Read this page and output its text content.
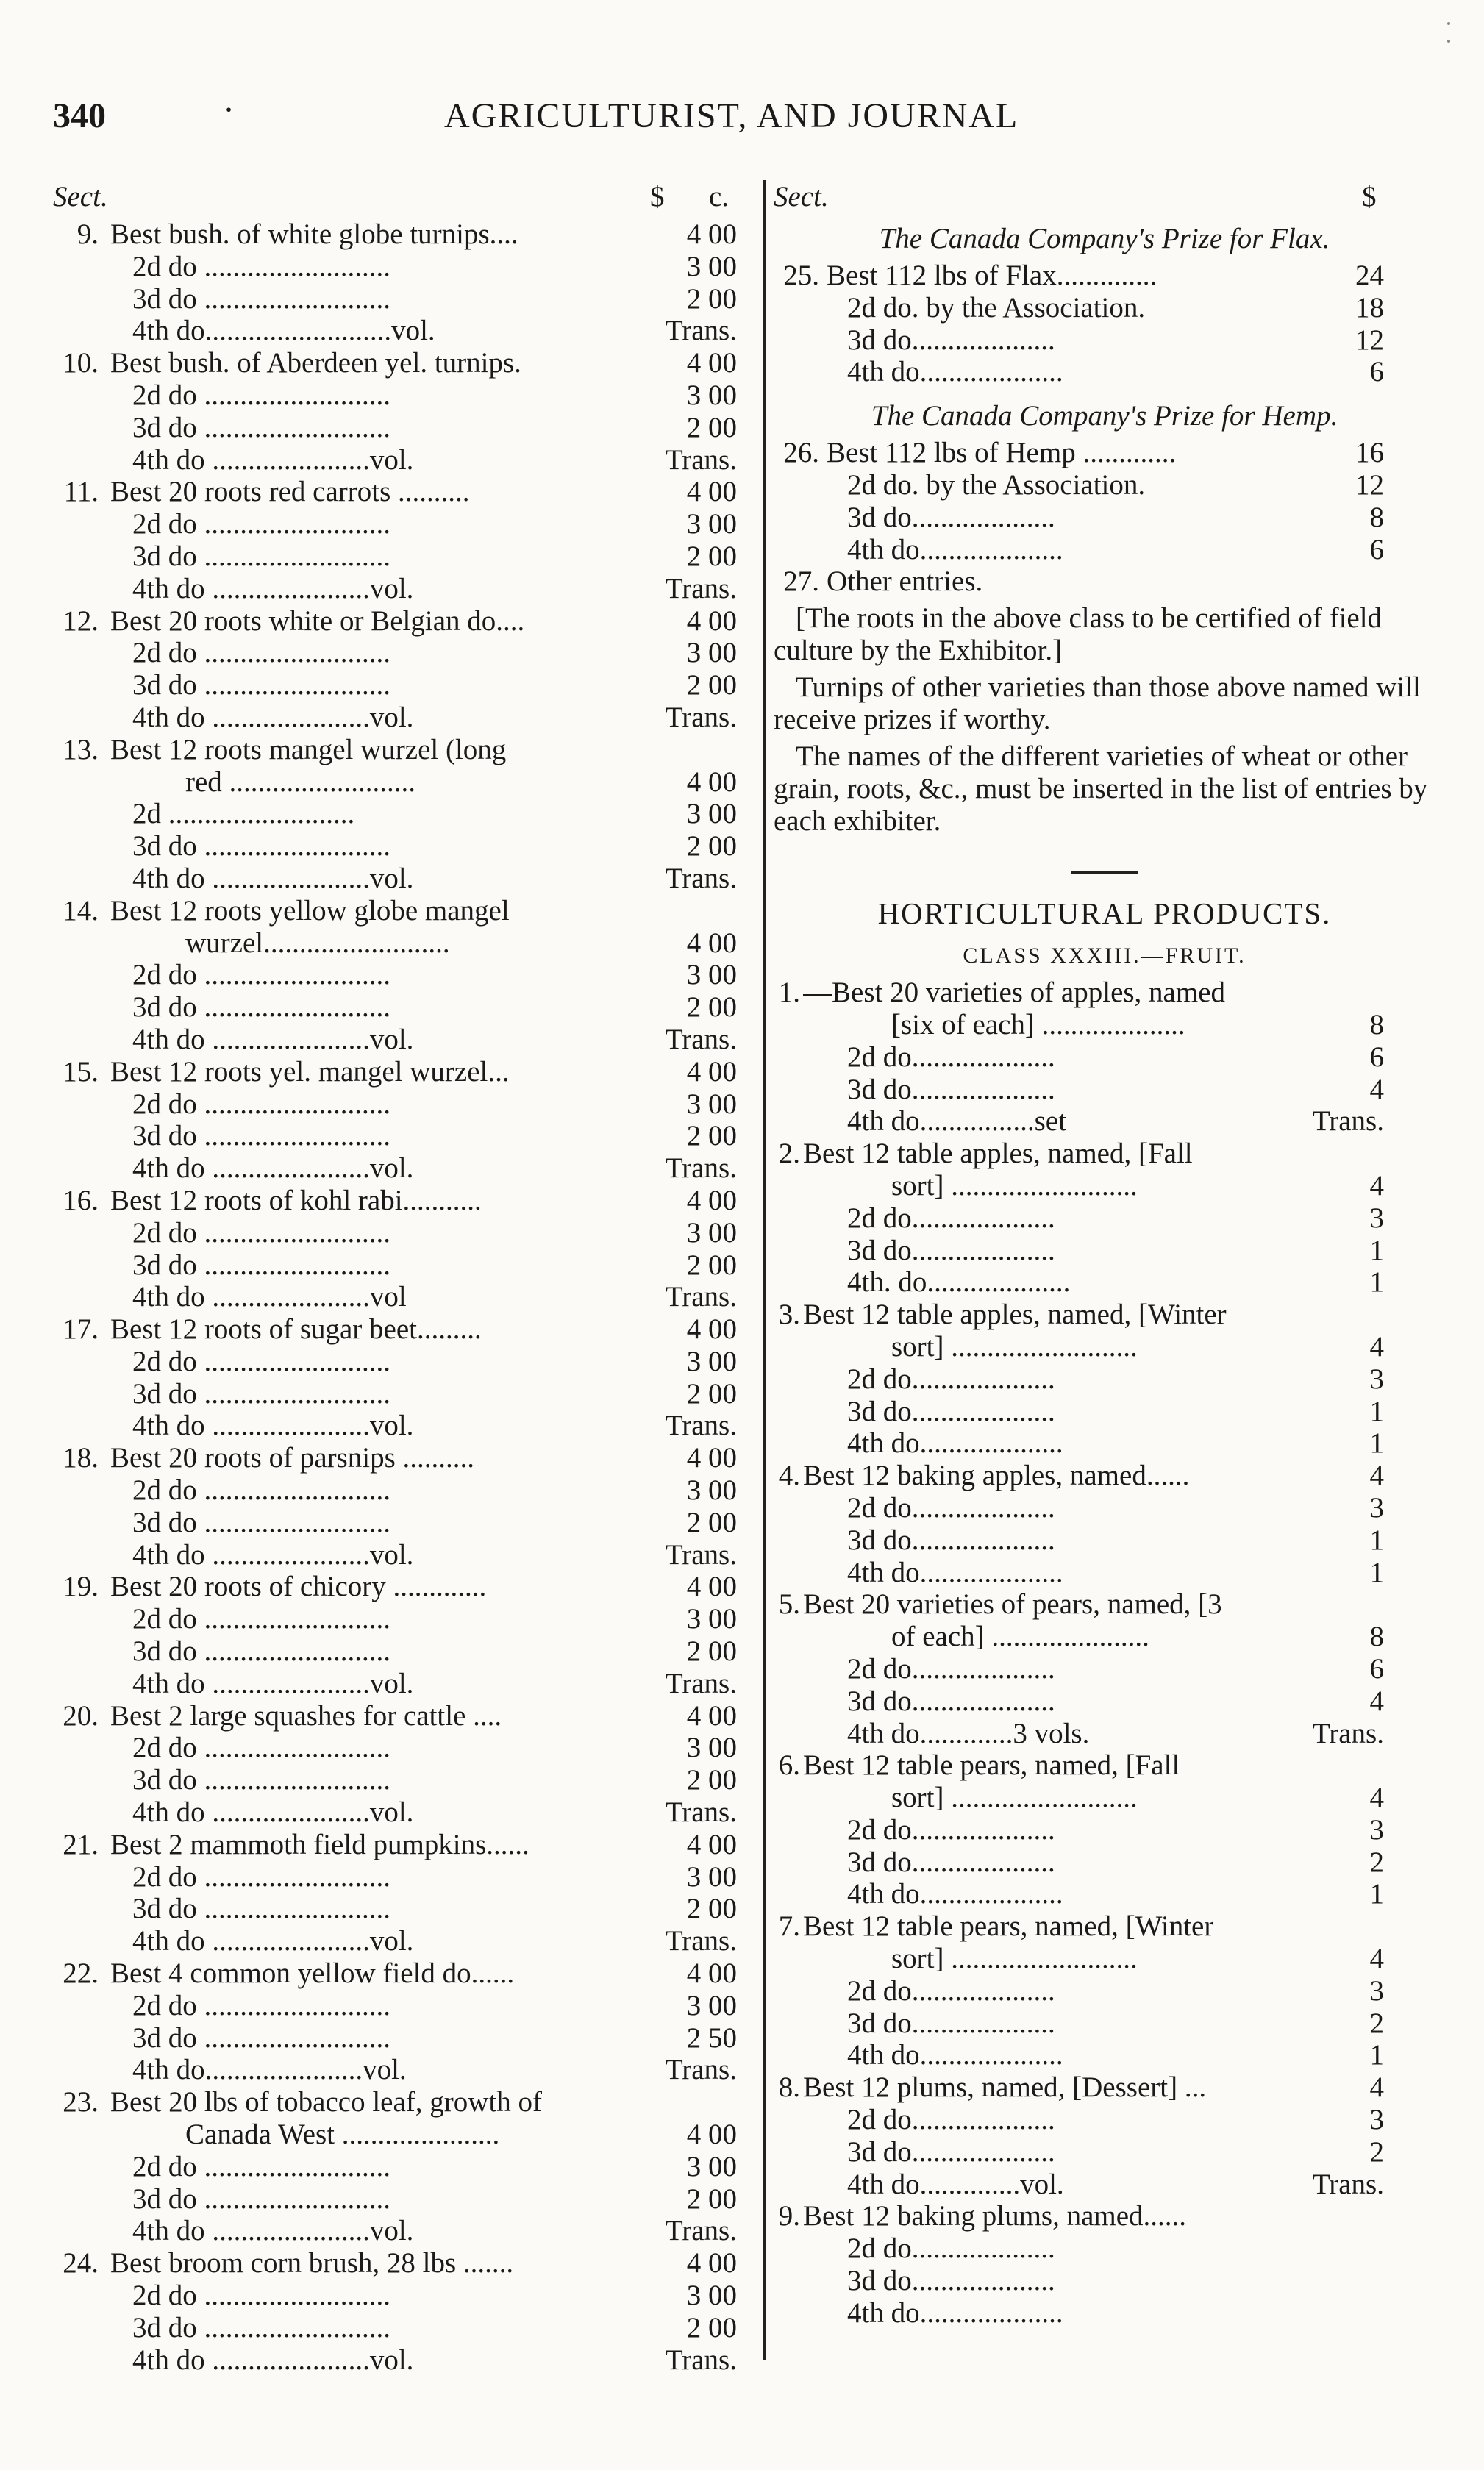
340	·	AGRICULTURIST, AND JOURNAL
Sect.	$ c.
9. Best bush. of white globe turnips....	4 00
2d do ..........................	3 00
3d do ..........................	2 00
4th do..........................vol.	Trans.
10. Best bush. of Aberdeen yel. turnips.	4 00
2d do ..........................	3 00
3d do ..........................	2 00
4th do ......................vol.	Trans.
11. Best 20 roots red carrots ..........	4 00
2d do ..........................	3 00
3d do ..........................	2 00
4th do ......................vol.	Trans.
12. Best 20 roots white or Belgian do....	4 00
2d do ..........................	3 00
3d do ..........................	2 00
4th do ......................vol.	Trans.
13. Best 12 roots mangel wurzel (long
red ..........................	4 00
2d ..........................	3 00
3d do ..........................	2 00
4th do ......................vol.	Trans.
14. Best 12 roots yellow globe mangel
wurzel..........................	4 00
2d do ..........................	3 00
3d do ..........................	2 00
4th do ......................vol.	Trans.
15. Best 12 roots yel. mangel wurzel...	4 00
2d do ..........................	3 00
3d do ..........................	2 00
4th do ......................vol.	Trans.
16. Best 12 roots of kohl rabi...........	4 00
2d do ..........................	3 00
3d do ..........................	2 00
4th do ......................vol	Trans.
17. Best 12 roots of sugar beet.........	4 00
2d do ..........................	3 00
3d do ..........................	2 00
4th do ......................vol.	Trans.
18. Best 20 roots of parsnips ..........	4 00
2d do ..........................	3 00
3d do ..........................	2 00
4th do ......................vol.	Trans.
19. Best 20 roots of chicory .............	4 00
2d do ..........................	3 00
3d do ..........................	2 00
4th do ......................vol.	Trans.
20. Best 2 large squashes for cattle ....	4 00
2d do ..........................	3 00
3d do ..........................	2 00
4th do ......................vol.	Trans.
21. Best 2 mammoth field pumpkins......	4 00
2d do ..........................	3 00
3d do ..........................	2 00
4th do ......................vol.	Trans.
22. Best 4 common yellow field do......	4 00
2d do ..........................	3 00
3d do ..........................	2 50
4th do......................vol.	Trans.
23. Best 20 lbs of tobacco leaf, growth of
Canada West ......................	4 00
2d do ..........................	3 00
3d do ..........................	2 00
4th do ......................vol.	Trans.
24. Best broom corn brush, 28 lbs .......	4 00
2d do ..........................	3 00
3d do ..........................	2 00
4th do ......................vol.	Trans.
Sect.	$
The Canada Company's Prize for Flax.
25. Best 112 lbs of Flax..............	24
2d do. by the Association.	18
3d do....................	12
4th do....................	6
The Canada Company's Prize for Hemp.
26. Best 112 lbs of Hemp .............	16
2d do. by the Association.	12
3d do....................	8
4th do....................	6
27. Other entries.

[The roots in the above class to be certified of field culture by the Exhibitor.]

Turnips of other varieties than those above named will receive prizes if worthy.

The names of the different varieties of wheat or other grain, roots, &c., must be inserted in the list of entries by each exhibiter.

HORTICULTURAL PRODUCTS.
CLASS XXXIII.—FRUIT.
1. —Best 20 varieties of apples, named
[six of each] ....................	8
2d do....................	6
3d do....................	4
4th do................set	Trans.
2. Best 12 table apples, named, [Fall
sort] ..........................	4
2d do....................	3
3d do....................	1
4th. do....................	1
3. Best 12 table apples, named, [Winter
sort] ..........................	4
2d do....................	3
3d do....................	1
4th do....................	1
4. Best 12 baking apples, named......	4
2d do....................	3
3d do....................	1
4th do....................	1
5. Best 20 varieties of pears, named, [3
of each] ......................	8
2d do....................	6
3d do....................	4
4th do.............3 vols.	Trans.
6. Best 12 table pears, named, [Fall
sort] ..........................	4
2d do....................	3
3d do....................	2
4th do....................	1
7. Best 12 table pears, named, [Winter
sort] ..........................	4
2d do....................	3
3d do....................	2
4th do....................	1
8. Best 12 plums, named, [Dessert] ...	4
2d do....................	3
3d do....................	2
4th do..............vol.	Trans.
9. Best 12 baking plums, named......
2d do....................
3d do....................
4th do....................
